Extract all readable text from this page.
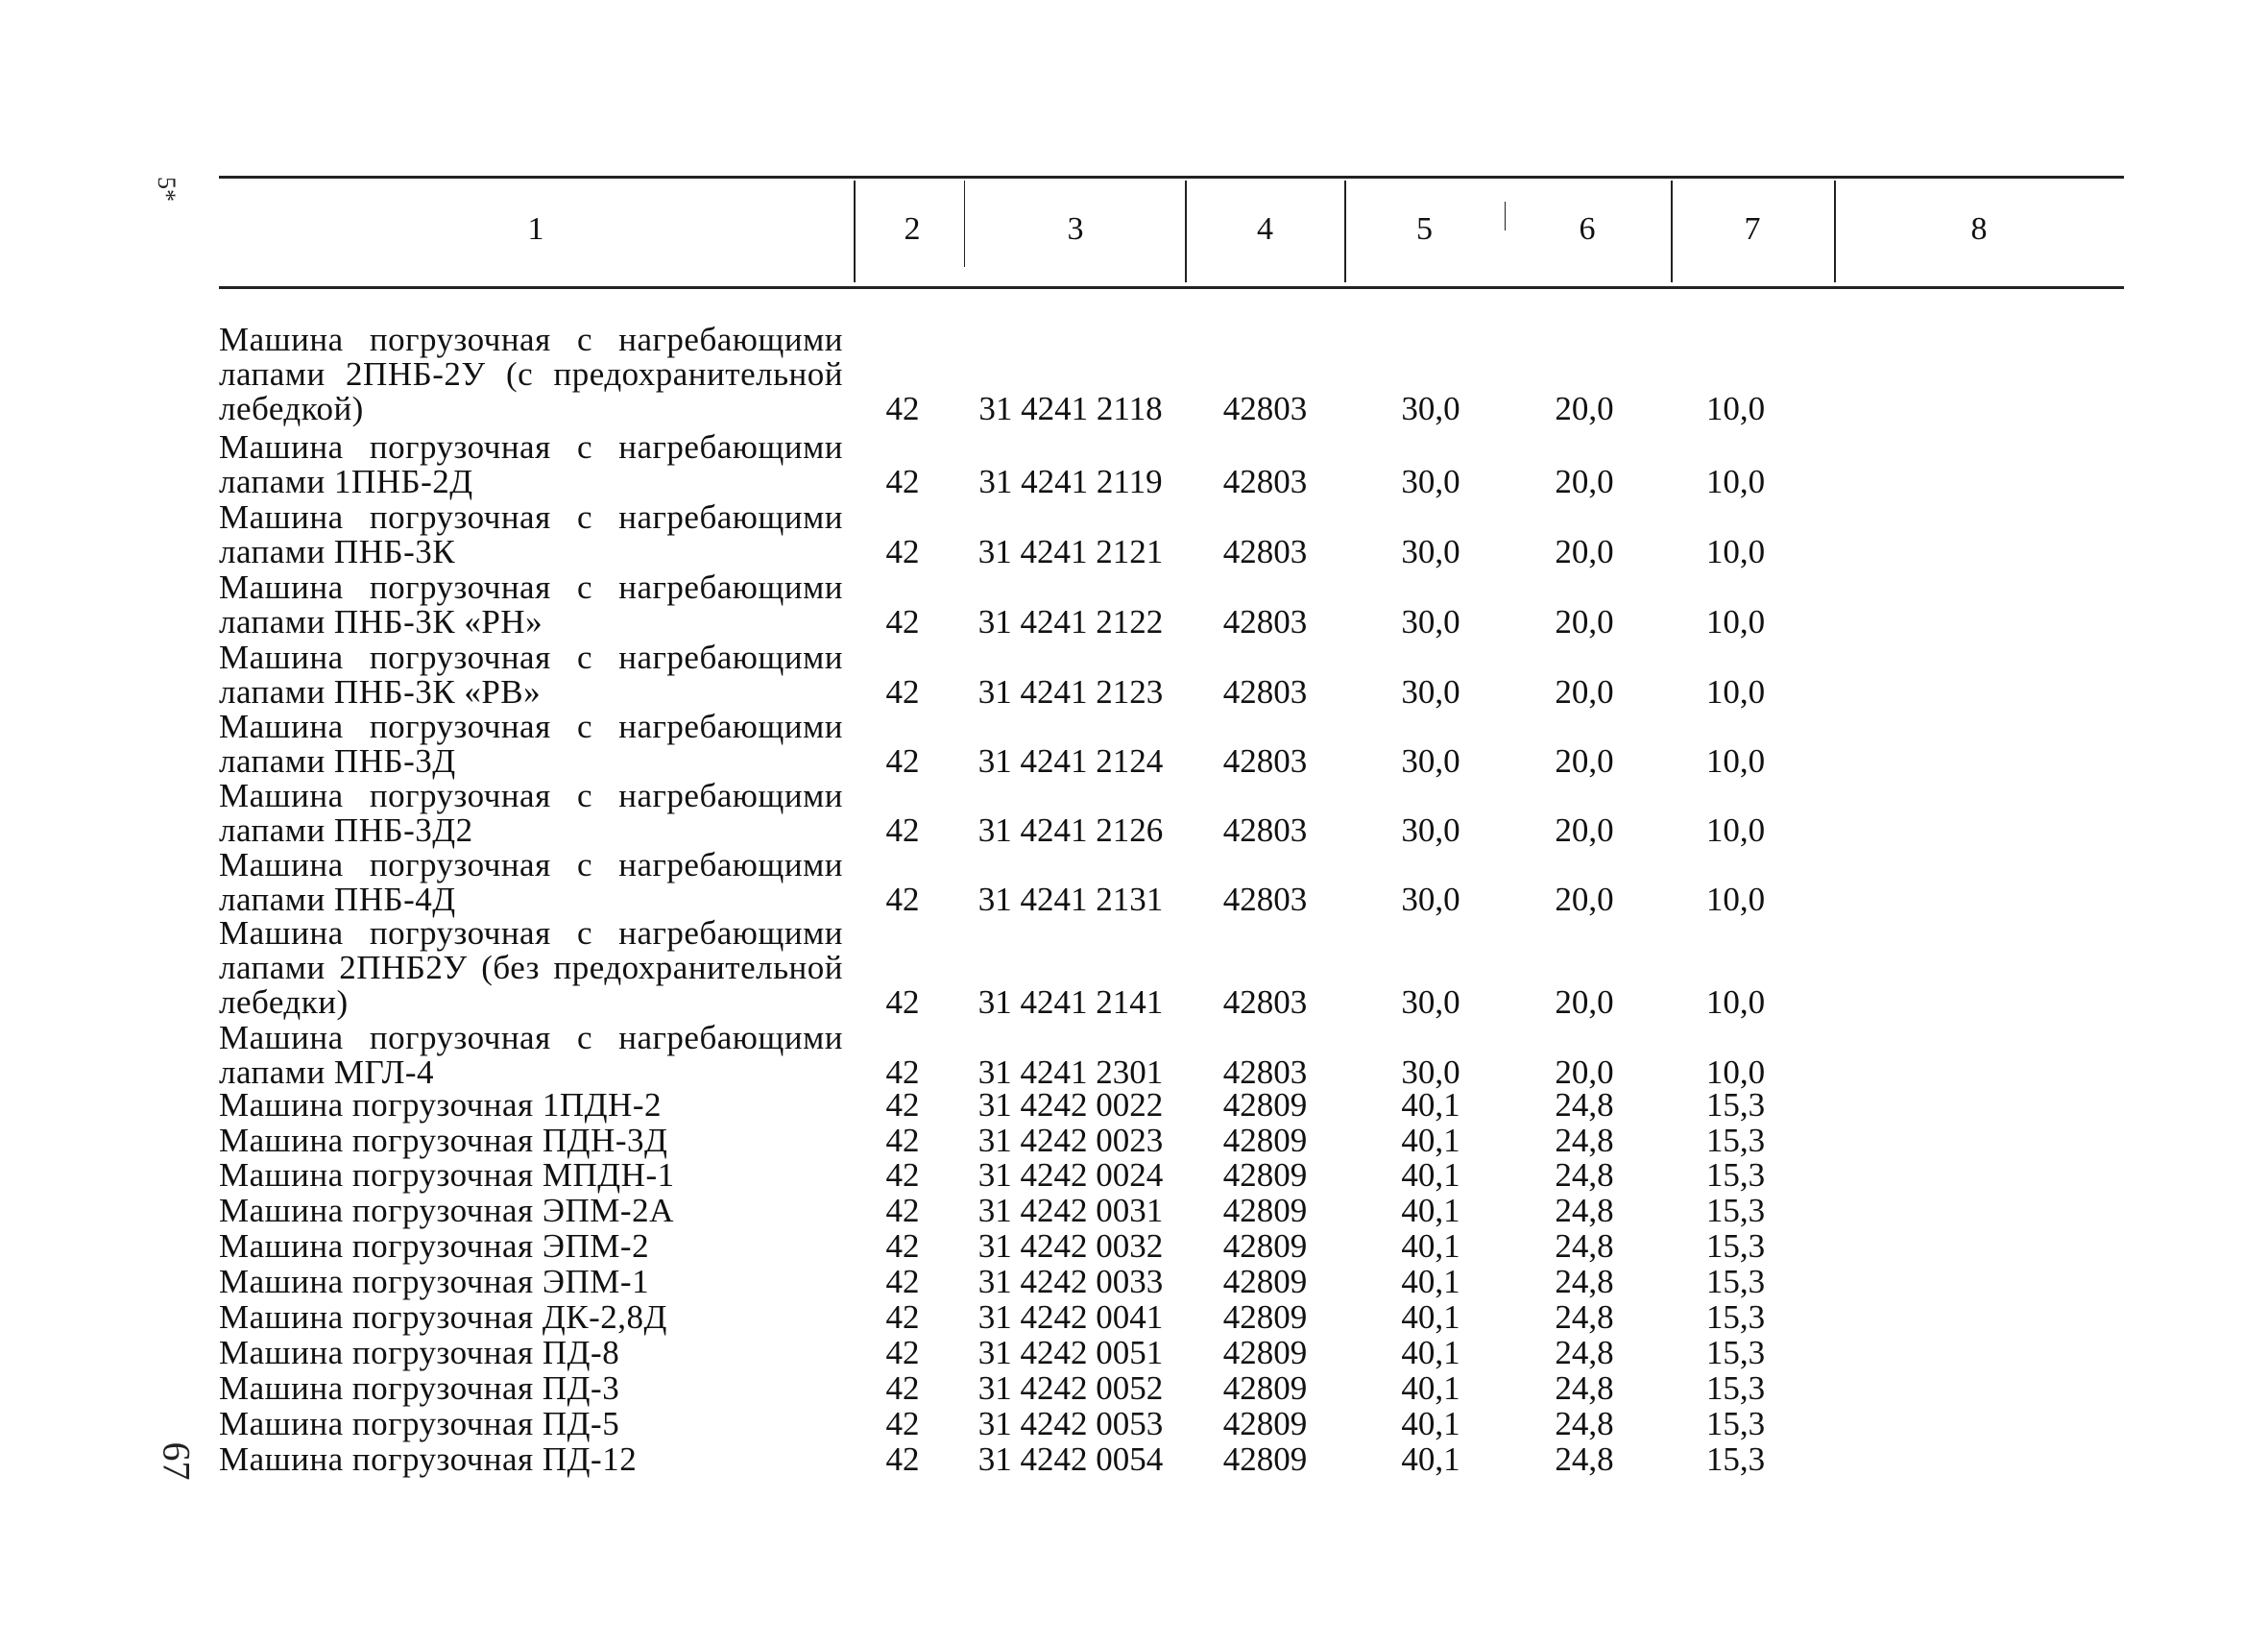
5*
67
1	2	3	4	5	6	7	8
Машина погрузочная с нагребающими лапами 2ПНБ-2У (с предохранительной лебедкой)	42	31 4241 2118	42803	30,0	20,0	10,0
Машина погрузочная с нагребающими лапами 1ПНБ-2Д	42	31 4241 2119	42803	30,0	20,0	10,0
Машина погрузочная с нагребающими лапами ПНБ-3К	42	31 4241 2121	42803	30,0	20,0	10,0
Машина погрузочная с нагребающими лапами ПНБ-3К «РН»	42	31 4241 2122	42803	30,0	20,0	10,0
Машина погрузочная с нагребающими лапами ПНБ-3К «РВ»	42	31 4241 2123	42803	30,0	20,0	10,0
Машина погрузочная с нагребающими лапами ПНБ-3Д	42	31 4241 2124	42803	30,0	20,0	10,0
Машина погрузочная с нагребающими лапами ПНБ-3Д2	42	31 4241 2126	42803	30,0	20,0	10,0
Машина погрузочная с нагребающими лапами ПНБ-4Д	42	31 4241 2131	42803	30,0	20,0	10,0
Машина погрузочная с нагребающими лапами 2ПНБ2У (без предохранительной лебедки)	42	31 4241 2141	42803	30,0	20,0	10,0
Машина погрузочная с нагребающими лапами МГЛ-4	42	31 4241 2301	42803	30,0	20,0	10,0
Машина погрузочная 1ПДН-2	42	31 4242 0022	42809	40,1	24,8	15,3
Машина погрузочная ПДН-3Д	42	31 4242 0023	42809	40,1	24,8	15,3
Машина погрузочная МПДН-1	42	31 4242 0024	42809	40,1	24,8	15,3
Машина погрузочная ЭПМ-2А	42	31 4242 0031	42809	40,1	24,8	15,3
Машина погрузочная ЭПМ-2	42	31 4242 0032	42809	40,1	24,8	15,3
Машина погрузочная ЭПМ-1	42	31 4242 0033	42809	40,1	24,8	15,3
Машина погрузочная ДК-2,8Д	42	31 4242 0041	42809	40,1	24,8	15,3
Машина погрузочная ПД-8	42	31 4242 0051	42809	40,1	24,8	15,3
Машина погрузочная ПД-3	42	31 4242 0052	42809	40,1	24,8	15,3
Машина погрузочная ПД-5	42	31 4242 0053	42809	40,1	24,8	15,3
Машина погрузочная ПД-12	42	31 4242 0054	42809	40,1	24,8	15,3
